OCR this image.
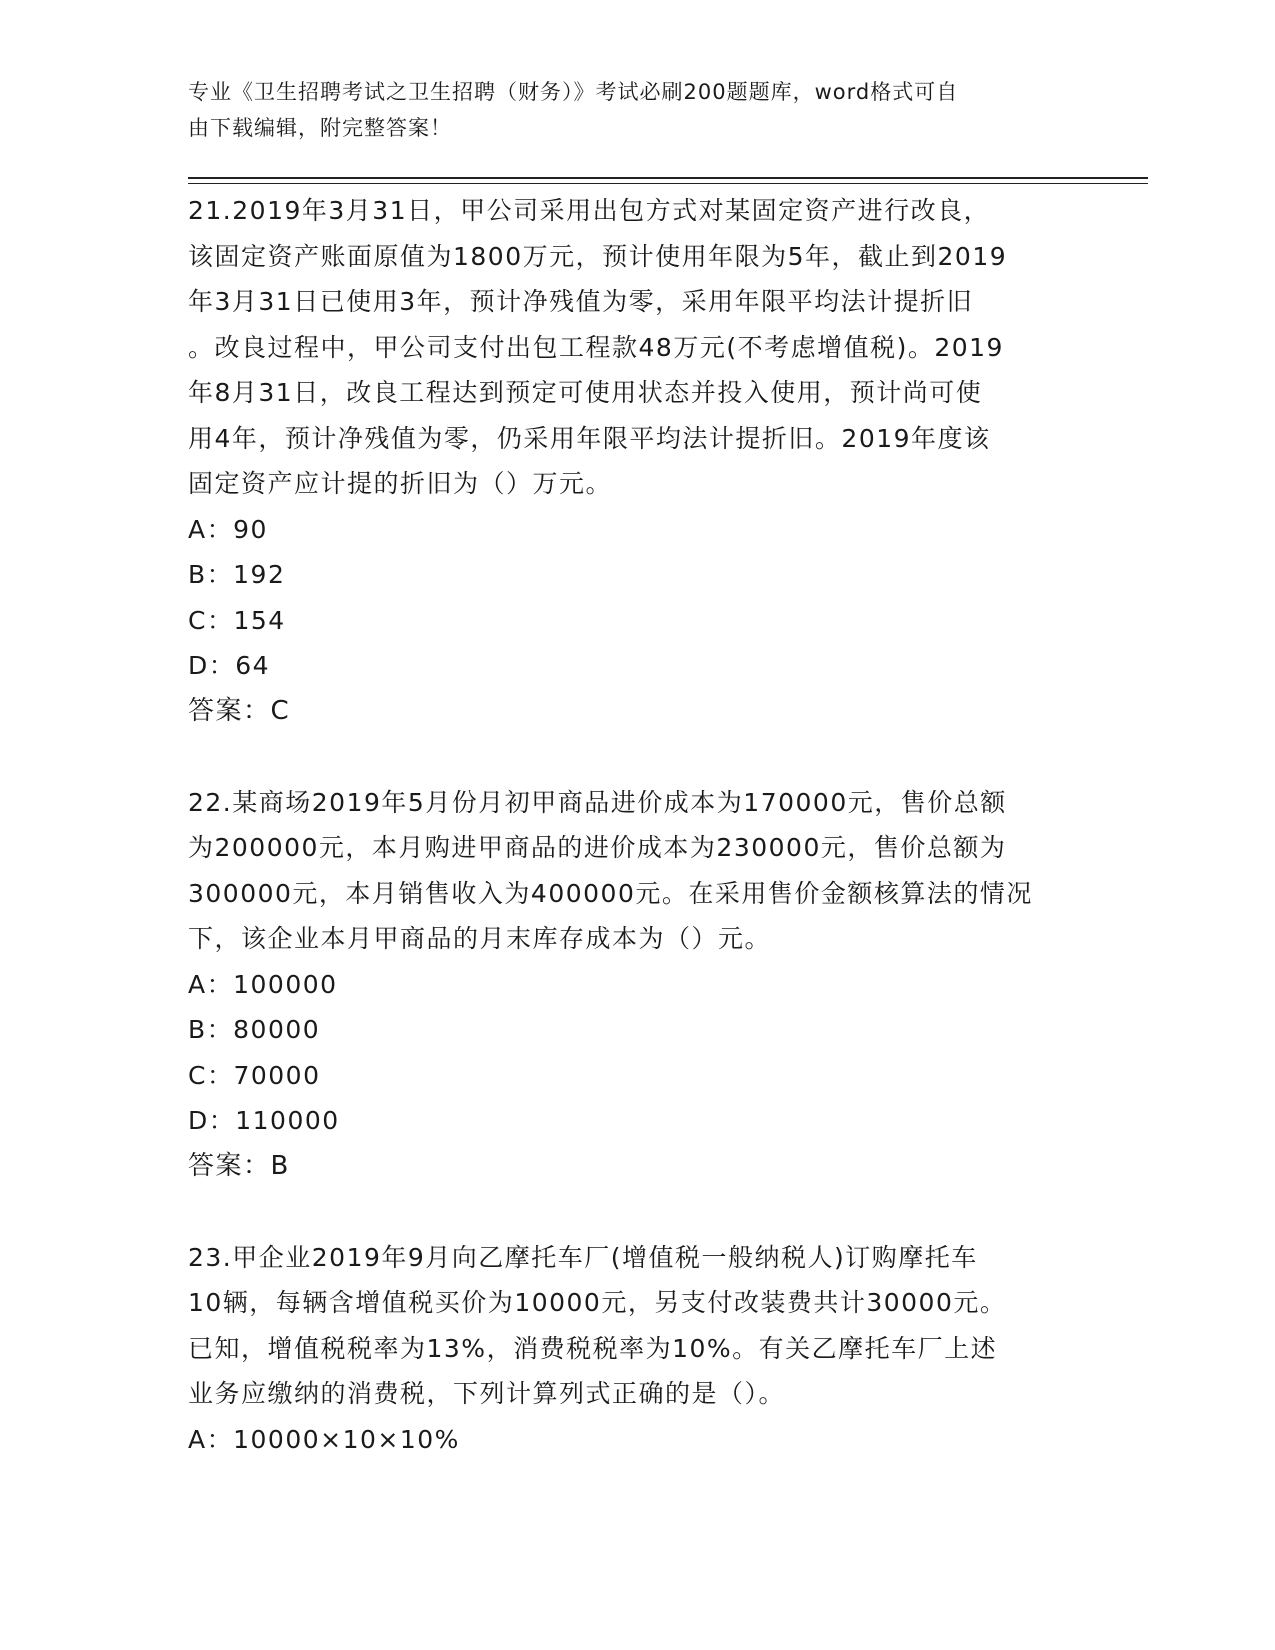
专业《卫生招聘考试之卫生招聘（财务）》考试必刷200题题库，word格式可自
由下载编辑，附完整答案！
21.2019年3月31日，甲公司采用出包方式对某固定资产进行改良，
该固定资产账面原值为1800万元，预计使用年限为5年，截止到2019
年3月31日已使用3年，预计净残值为零，采用年限平均法计提折旧
。改良过程中，甲公司支付出包工程款48万元(不考虑增值税)。2019
年8月31日，改良工程达到预定可使用状态并投入使用，预计尚可使
用4年，预计净残值为零，仍采用年限平均法计提折旧。2019年度该
固定资产应计提的折旧为（）万元。
A：90
B：192
C：154
D：64
答案：C
22.某商场2019年5月份月初甲商品进价成本为170000元，售价总额
为200000元，本月购进甲商品的进价成本为230000元，售价总额为
300000元，本月销售收入为400000元。在采用售价金额核算法的情况
下，该企业本月甲商品的月末库存成本为（）元。
A：100000
B：80000
C：70000
D：110000
答案：B
23.甲企业2019年9月向乙摩托车厂(增值税一般纳税人)订购摩托车
10辆，每辆含增值税买价为10000元，另支付改装费共计30000元。
已知，增值税税率为13%，消费税税率为10%。有关乙摩托车厂上述
业务应缴纳的消费税，下列计算列式正确的是（）。
A：10000×10×10%
